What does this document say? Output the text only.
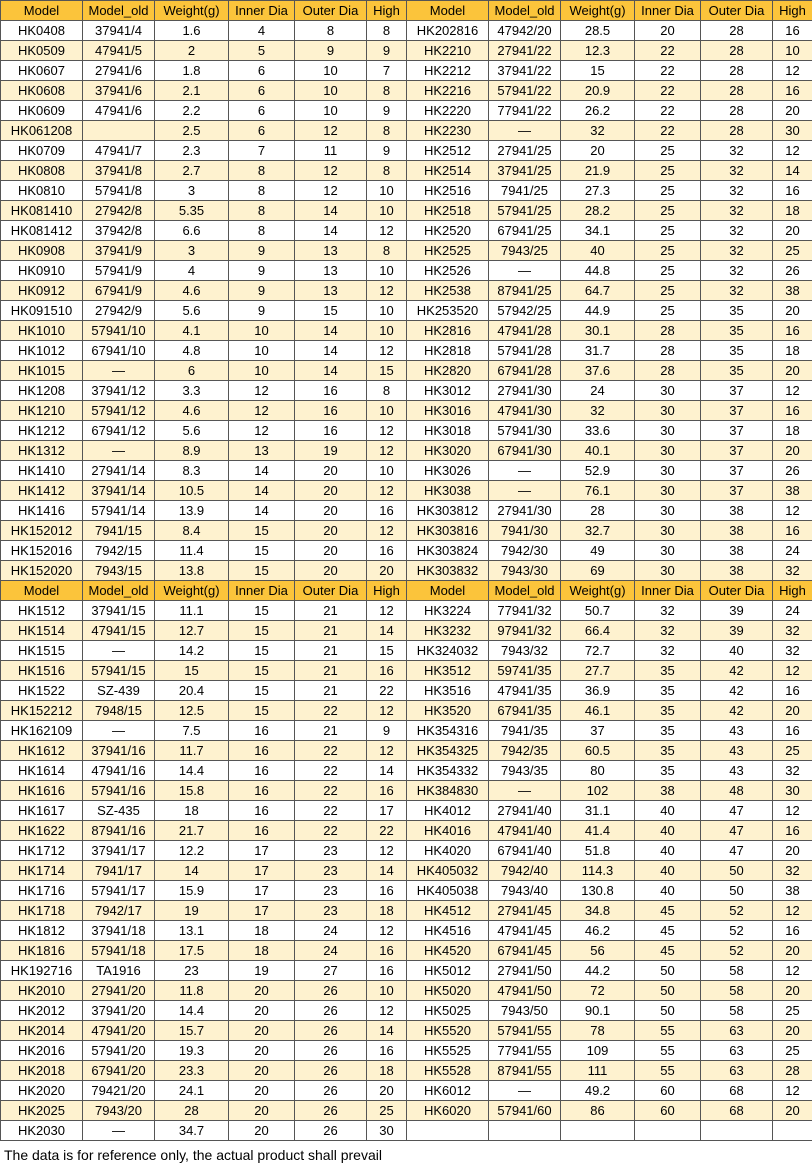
Model	Model_old	Weight(g)	Inner Dia	Outer Dia	High	Model	Model_old	Weight(g)	Inner Dia	Outer Dia	High
HK0408	37941/4	1.6	4	8	8	HK202816	47942/20	28.5	20	28	16
HK0509	47941/5	2	5	9	9	HK2210	27941/22	12.3	22	28	10
HK0607	27941/6	1.8	6	10	7	HK2212	37941/22	15	22	28	12
HK0608	37941/6	2.1	6	10	8	HK2216	57941/22	20.9	22	28	16
HK0609	47941/6	2.2	6	10	9	HK2220	77941/22	26.2	22	28	20
HK061208		2.5	6	12	8	HK2230	—	32	22	28	30
HK0709	47941/7	2.3	7	11	9	HK2512	27941/25	20	25	32	12
HK0808	37941/8	2.7	8	12	8	HK2514	37941/25	21.9	25	32	14
HK0810	57941/8	3	8	12	10	HK2516	7941/25	27.3	25	32	16
HK081410	27942/8	5.35	8	14	10	HK2518	57941/25	28.2	25	32	18
HK081412	37942/8	6.6	8	14	12	HK2520	67941/25	34.1	25	32	20
HK0908	37941/9	3	9	13	8	HK2525	7943/25	40	25	32	25
HK0910	57941/9	4	9	13	10	HK2526	—	44.8	25	32	26
HK0912	67941/9	4.6	9	13	12	HK2538	87941/25	64.7	25	32	38
HK091510	27942/9	5.6	9	15	10	HK253520	57942/25	44.9	25	35	20
HK1010	57941/10	4.1	10	14	10	HK2816	47941/28	30.1	28	35	16
HK1012	67941/10	4.8	10	14	12	HK2818	57941/28	31.7	28	35	18
HK1015	—	6	10	14	15	HK2820	67941/28	37.6	28	35	20
HK1208	37941/12	3.3	12	16	8	HK3012	27941/30	24	30	37	12
HK1210	57941/12	4.6	12	16	10	HK3016	47941/30	32	30	37	16
HK1212	67941/12	5.6	12	16	12	HK3018	57941/30	33.6	30	37	18
HK1312	—	8.9	13	19	12	HK3020	67941/30	40.1	30	37	20
HK1410	27941/14	8.3	14	20	10	HK3026	—	52.9	30	37	26
HK1412	37941/14	10.5	14	20	12	HK3038	—	76.1	30	37	38
HK1416	57941/14	13.9	14	20	16	HK303812	27941/30	28	30	38	12
HK152012	7941/15	8.4	15	20	12	HK303816	7941/30	32.7	30	38	16
HK152016	7942/15	11.4	15	20	16	HK303824	7942/30	49	30	38	24
HK152020	7943/15	13.8	15	20	20	HK303832	7943/30	69	30	38	32
Model	Model_old	Weight(g)	Inner Dia	Outer Dia	High	Model	Model_old	Weight(g)	Inner Dia	Outer Dia	High
HK1512	37941/15	11.1	15	21	12	HK3224	77941/32	50.7	32	39	24
HK1514	47941/15	12.7	15	21	14	HK3232	97941/32	66.4	32	39	32
HK1515	—	14.2	15	21	15	HK324032	7943/32	72.7	32	40	32
HK1516	57941/15	15	15	21	16	HK3512	59741/35	27.7	35	42	12
HK1522	SZ-439	20.4	15	21	22	HK3516	47941/35	36.9	35	42	16
HK152212	7948/15	12.5	15	22	12	HK3520	67941/35	46.1	35	42	20
HK162109	—	7.5	16	21	9	HK354316	7941/35	37	35	43	16
HK1612	37941/16	11.7	16	22	12	HK354325	7942/35	60.5	35	43	25
HK1614	47941/16	14.4	16	22	14	HK354332	7943/35	80	35	43	32
HK1616	57941/16	15.8	16	22	16	HK384830	—	102	38	48	30
HK1617	SZ-435	18	16	22	17	HK4012	27941/40	31.1	40	47	12
HK1622	87941/16	21.7	16	22	22	HK4016	47941/40	41.4	40	47	16
HK1712	37941/17	12.2	17	23	12	HK4020	67941/40	51.8	40	47	20
HK1714	7941/17	14	17	23	14	HK405032	7942/40	114.3	40	50	32
HK1716	57941/17	15.9	17	23	16	HK405038	7943/40	130.8	40	50	38
HK1718	7942/17	19	17	23	18	HK4512	27941/45	34.8	45	52	12
HK1812	37941/18	13.1	18	24	12	HK4516	47941/45	46.2	45	52	16
HK1816	57941/18	17.5	18	24	16	HK4520	67941/45	56	45	52	20
HK192716	TA1916	23	19	27	16	HK5012	27941/50	44.2	50	58	12
HK2010	27941/20	11.8	20	26	10	HK5020	47941/50	72	50	58	20
HK2012	37941/20	14.4	20	26	12	HK5025	7943/50	90.1	50	58	25
HK2014	47941/20	15.7	20	26	14	HK5520	57941/55	78	55	63	20
HK2016	57941/20	19.3	20	26	16	HK5525	77941/55	109	55	63	25
HK2018	67941/20	23.3	20	26	18	HK5528	87941/55	111	55	63	28
HK2020	79421/20	24.1	20	26	20	HK6012	—	49.2	60	68	12
HK2025	7943/20	28	20	26	25	HK6020	57941/60	86	60	68	20
HK2030	—	34.7	20	26	30						
The data is for reference only, the actual product shall prevail
